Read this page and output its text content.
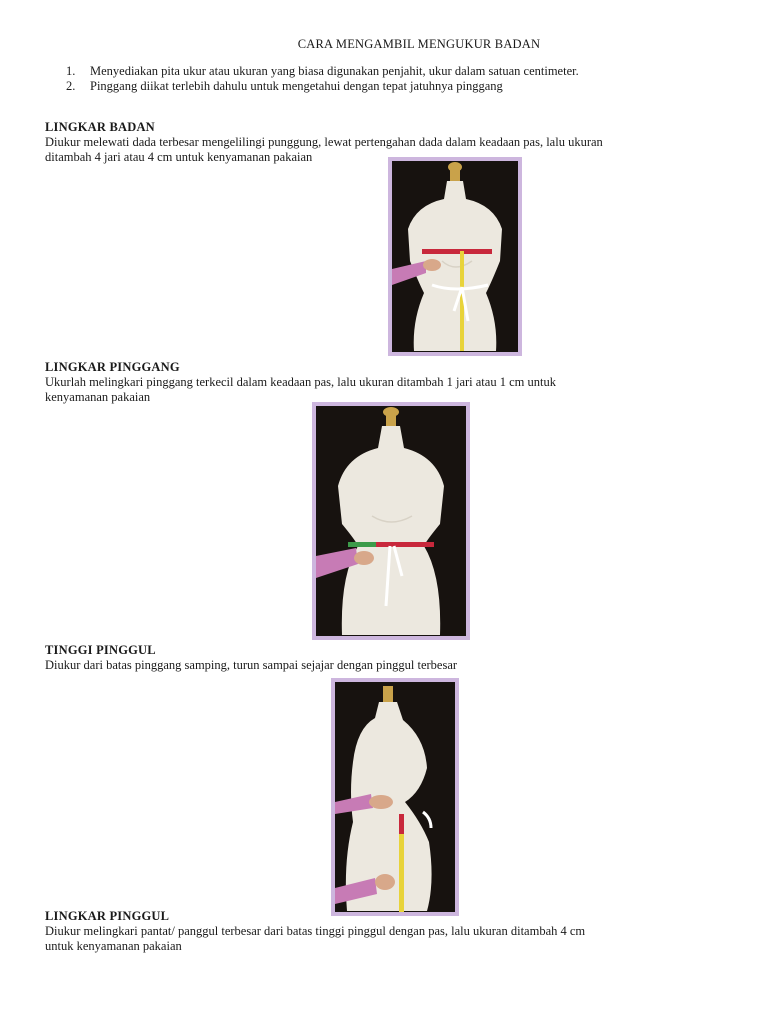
CARA MENGAMBIL MENGUKUR BADAN
1. Menyediakan pita ukur atau ukuran yang biasa digunakan penjahit, ukur dalam satuan centimeter.
2. Pinggang diikat terlebih dahulu untuk mengetahui dengan tepat jatuhnya pinggang
LINGKAR BADAN
Diukur melewati dada terbesar mengelilingi punggung, lewat pertengahan dada dalam keadaan pas, lalu ukuran
ditambah 4 jari atau 4 cm untuk kenyamanan pakaian
LINGKAR PINGGANG
Ukurlah melingkari pinggang terkecil dalam keadaan pas, lalu ukuran ditambah 1 jari atau 1 cm untuk
kenyamanan pakaian
TINGGI PINGGUL
Diukur dari batas pinggang samping, turun sampai sejajar dengan pinggul terbesar
LINGKAR PINGGUL
Diukur melingkari pantat/ panggul terbesar dari batas tinggi pinggul dengan pas, lalu ukuran ditambah 4 cm
untuk kenyamanan pakaian
